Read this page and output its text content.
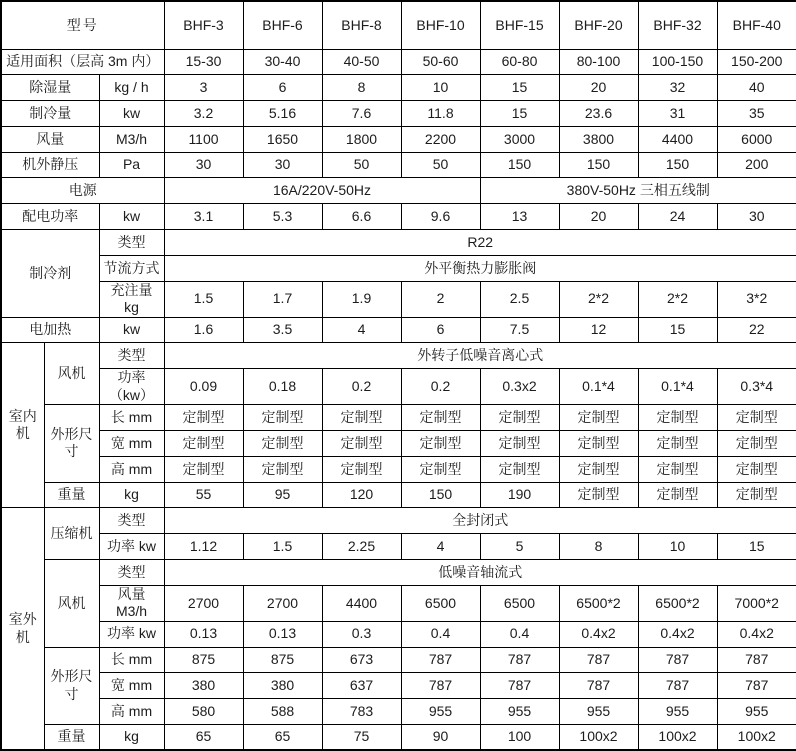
型号			BHF-3	BHF-6	BHF-8	BHF-10	BHF-15	BHF-20	BHF-32	BHF-40
适用面积（层高 3m 内）			15-30	30-40	40-50	50-60	60-80	80-100	100-150	150-200
除湿量		kg / h	3	6	8	10	15	20	32	40
制冷量		kw	3.2	5.16	7.6	11.8	15	23.6	31	35
风量		M3/h	1100	1650	1800	2200	3000	3800	4400	6000
机外静压		Pa	30	30	50	50	150	150	150	200
电源			16A/220V-50Hz				380V-50Hz 三相五线制			
配电功率		kw	3.1	5.3	6.6	9.6	13	20	24	30
制冷剂		类型	R22							
		节流方式	外平衡热力膨胀阀							
		充注量 kg	1.5	1.7	1.9	2	2.5	2*2	2*2	3*2
电加热		kw	1.6	3.5	4	6	7.5	12	15	22
室内机	风机	类型	外转子低噪音离心式							
		功率（kw）	0.09	0.18	0.2	0.2	0.3x2	0.1*4	0.1*4	0.3*4
	外形尺寸	长 mm	定制型	定制型	定制型	定制型	定制型	定制型	定制型	定制型
		宽 mm	定制型	定制型	定制型	定制型	定制型	定制型	定制型	定制型
		高 mm	定制型	定制型	定制型	定制型	定制型	定制型	定制型	定制型
	重量	kg	55	95	120	150	190	定制型	定制型	定制型
室外机	压缩机	类型	全封闭式							
		功率 kw	1.12	1.5	2.25	4	5	8	10	15
	风机	类型	低噪音轴流式							
		风量 M3/h	2700	2700	4400	6500	6500	6500*2	6500*2	7000*2
		功率 kw	0.13	0.13	0.3	0.4	0.4	0.4x2	0.4x2	0.4x2
	外形尺寸	长 mm	875	875	673	787	787	787	787	787
		宽 mm	380	380	637	787	787	787	787	787
		高 mm	580	588	783	955	955	955	955	955
	重量	kg	65	65	75	90	100	100x2	100x2	100x2
